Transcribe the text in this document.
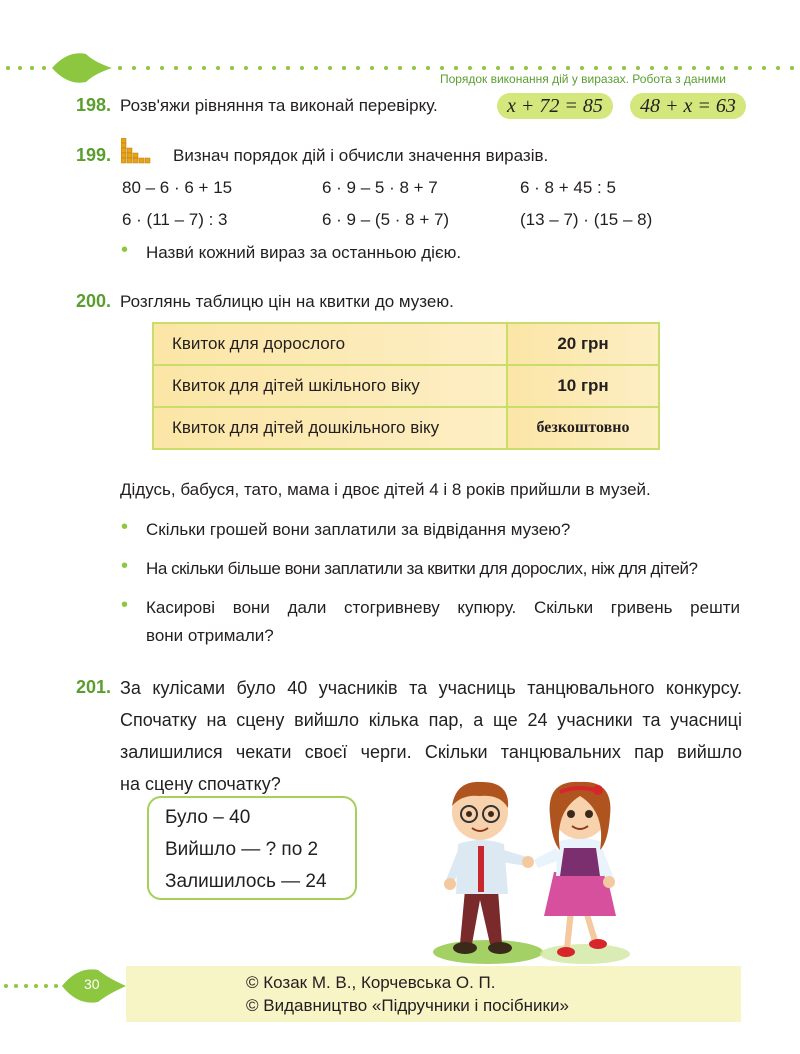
Порядок виконання дій у виразах. Робота з даними
198. Розв'яжи рівняння та виконай перевірку.	x + 72 = 85	48 + x = 63
199.	Визнач порядок дій і обчисли значення виразів.
80 – 6 · 6 + 15	6 · 9 – 5 · 8 + 7	6 · 8 + 45 : 5
6 · (11 – 7) : 3	6 · 9 – (5 · 8 + 7)	(13 – 7) · (15 – 8)
• Назви́ кожний вираз за останньою дією.
200. Розглянь таблицю цін на квитки до музею.
Квиток для дорослого	20 грн
Квиток для дітей шкільного віку	10 грн
Квиток для дітей дошкільного віку	безкоштовно
Дідусь, бабуся, тато, мама і двоє дітей 4 і 8 років прийшли в музей.
• Скільки грошей вони заплатили за відвідання музею?
• На скільки більше вони заплатили за квитки для дорослих, ніж для дітей?
• Касирові вони дали стогривневу купюру. Скільки гривень решти
вони отримали?
201. За кулісами було 40 учасників та учасниць танцювального конкурсу.
Спочатку на сцену вийшло кілька пар, а ще 24 учасники та учасниці
залишилися чекати своєї черги. Скільки танцювальних пар вийшло
на сцену спочатку?
Було – 40
Вийшло — ? по 2
Залишилось — 24
30	© Козак М. В., Корчевська О. П.
© Видавництво «Підручники і посібники»
